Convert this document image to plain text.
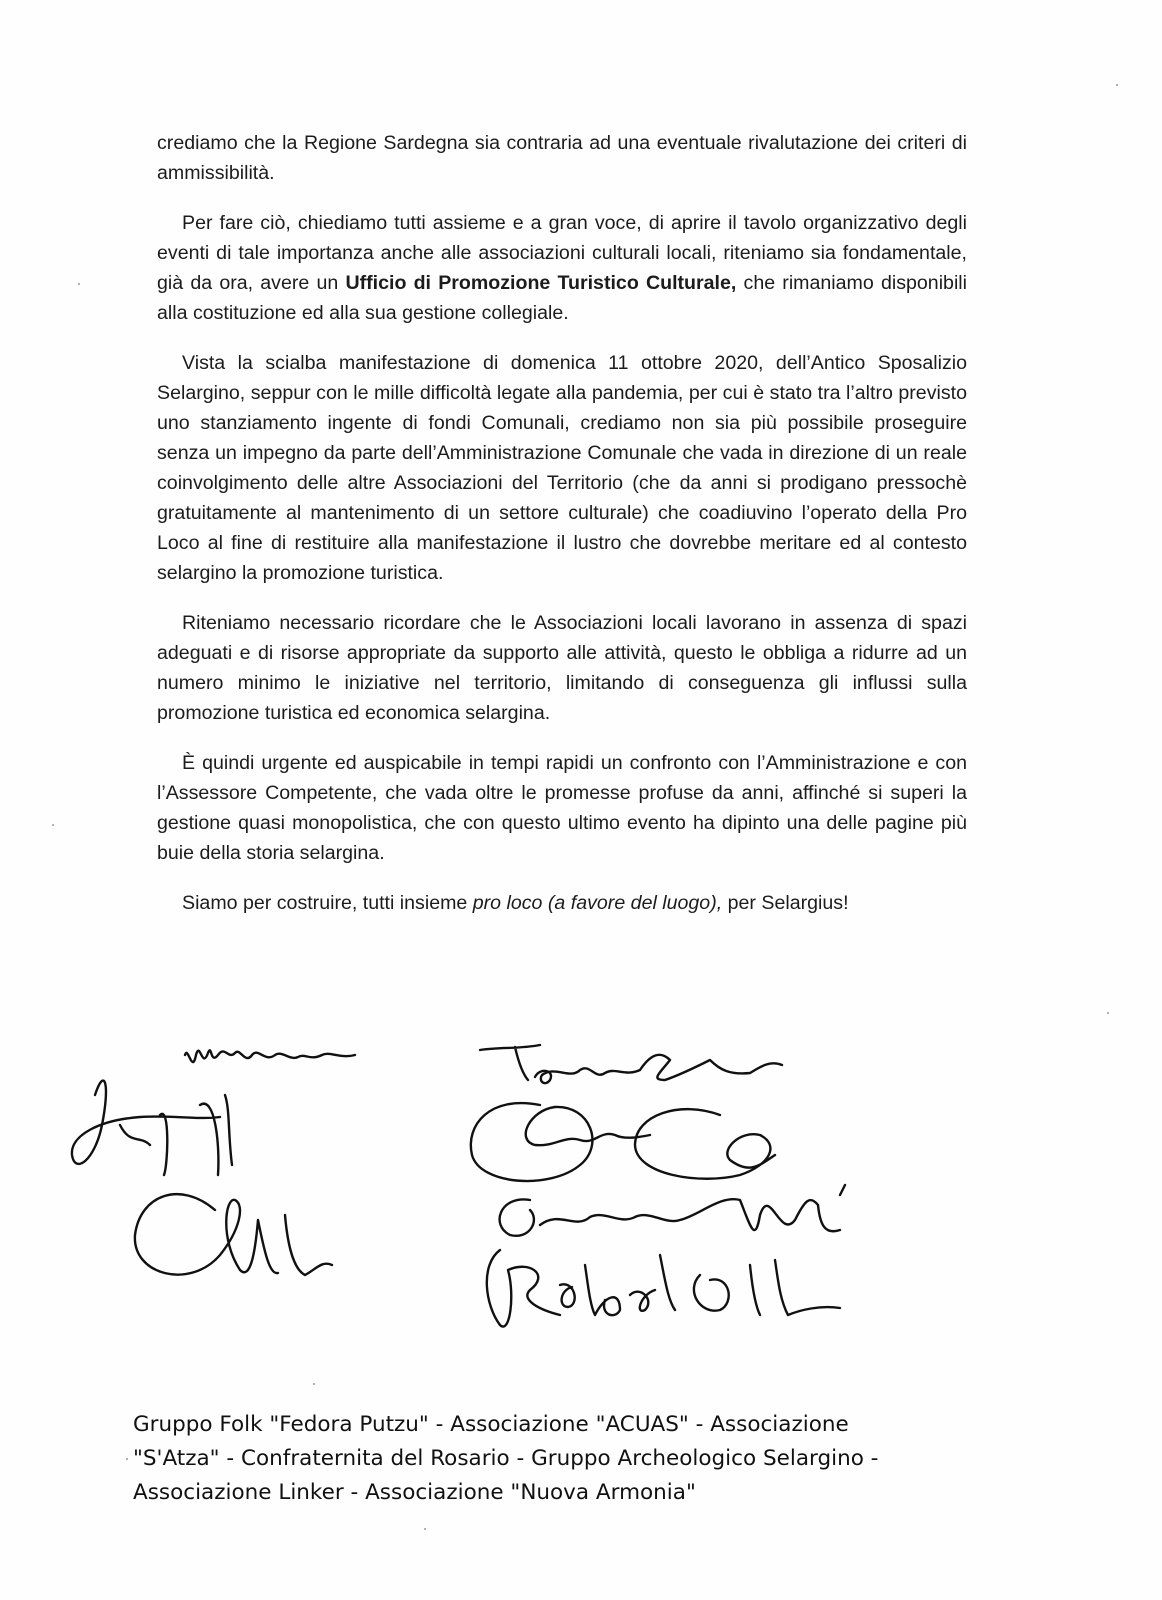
crediamo che la Regione Sardegna sia contraria ad una eventuale rivalutazione dei criteri di ammissibilità.

Per fare ciò, chiediamo tutti assieme e a gran voce, di aprire il tavolo organizzativo degli eventi di tale importanza anche alle associazioni culturali locali, riteniamo sia fondamentale, già da ora, avere un Ufficio di Promozione Turistico Culturale, che rimaniamo disponibili alla costituzione ed alla sua gestione collegiale.

Vista la scialba manifestazione di domenica 11 ottobre 2020, dell’Antico Sposalizio Selargino, seppur con le mille difficoltà legate alla pandemia, per cui è stato tra l’altro previsto uno stanziamento ingente di fondi Comunali, crediamo non sia più possibile proseguire senza un impegno da parte dell’Amministrazione Comunale che vada in direzione di un reale coinvolgimento delle altre Associazioni del Territorio (che da anni si prodigano pressochè gratuitamente al mantenimento di un settore culturale) che coadiuvino l’operato della Pro Loco al fine di restituire alla manifestazione il lustro che dovrebbe meritare ed al contesto selargino la promozione turistica.

Riteniamo necessario ricordare che le Associazioni locali lavorano in assenza di spazi adeguati e di risorse appropriate da supporto alle attività, questo le obbliga a ridurre ad un numero minimo le iniziative nel territorio, limitando di conseguenza gli influssi sulla promozione turistica ed economica selargina.

È quindi urgente ed auspicabile in tempi rapidi un confronto con l’Amministrazione e con l’Assessore Competente, che vada oltre le promesse profuse da anni, affinché si superi la gestione quasi monopolistica, che con questo ultimo evento ha dipinto una delle pagine più buie della storia selargina.

Siamo per costruire, tutti insieme pro loco (a favore del luogo), per Selargius!

Gruppo Folk "Fedora Putzu" - Associazione "ACUAS" - Associazione
"S'Atza" - Confraternita del Rosario - Gruppo Archeologico Selargino -
Associazione Linker - Associazione "Nuova Armonia"
